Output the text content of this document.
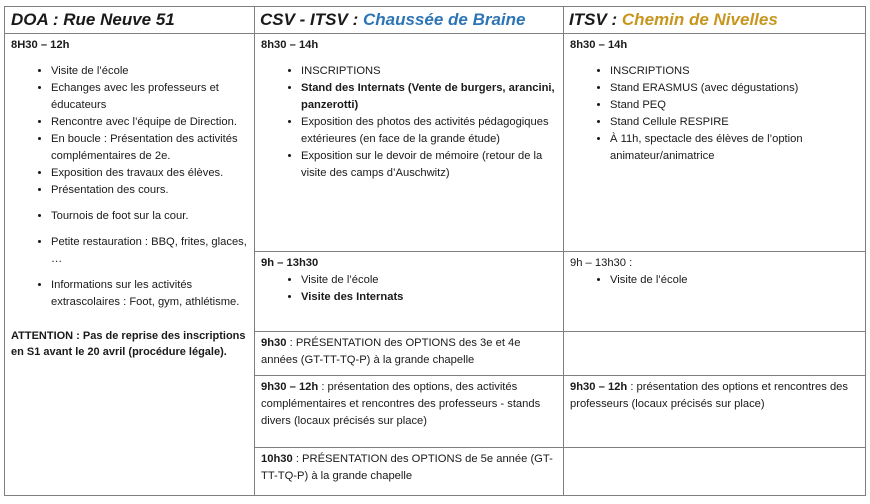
DOA : Rue Neuve 51	CSV - ITSV : Chaussée de Braine	ITSV : Chemin de Nivelles
8H30 – 12h
• Visite de l’école
• Echanges avec les professeurs et éducateurs
• Rencontre avec l’équipe de Direction.
• En boucle : Présentation des activités complémentaires de 2e.
• Exposition des travaux des élèves.
• Présentation des cours.
• Tournois de foot sur la cour.
• Petite restauration : BBQ, frites, glaces, …
• Informations sur les activités extrascolaires : Foot, gym, athlétisme.
ATTENTION : Pas de reprise des inscriptions en S1 avant le 20 avril (procédure légale).
8h30 – 14h
• INSCRIPTIONS
• Stand des Internats (Vente de burgers, arancini, panzerotti)
• Exposition des photos des activités pédagogiques extérieures (en face de la grande étude)
• Exposition sur le devoir de mémoire (retour de la visite des camps d’Auschwitz)
9h – 13h30
• Visite de l’école
• Visite des Internats
9h30 : PRÉSENTATION des OPTIONS des 3e et 4e années (GT-TT-TQ-P) à la grande chapelle
9h30 – 12h : présentation des options, des activités complémentaires et rencontres des professeurs - stands divers (locaux précisés sur place)
10h30 : PRÉSENTATION des OPTIONS de 5e année (GT-TT-TQ-P) à la grande chapelle
8h30 – 14h
• INSCRIPTIONS
• Stand ERASMUS (avec dégustations)
• Stand PEQ
• Stand Cellule RESPIRE
• À 11h, spectacle des élèves de l’option animateur/animatrice
9h – 13h30 :
• Visite de l’école
9h30 – 12h : présentation des options et rencontres des professeurs (locaux précisés sur place)
